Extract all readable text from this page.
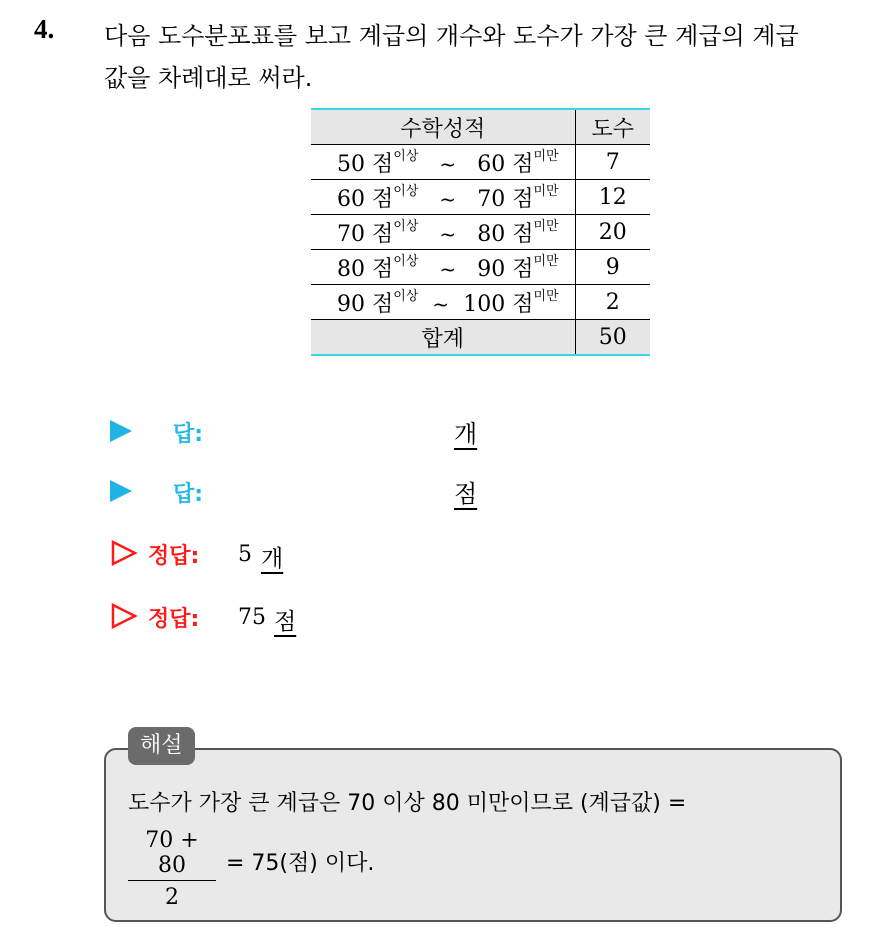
4. 다음 도수분포표를 보고 계급의 개수와 도수가 가장 큰 계급의 계급
값을 차례대로 써라.
수학성적	도수

50 점$^{이상}$ ~ 60 점$^{미만}$	7

60 점$^{이상}$ ~ 70 점$^{미만}$	12

70 점$^{이상}$ ~ 80 점$^{미만}$	20

80 점$^{이상}$ ~ 90 점$^{미만}$	9

90 점$^{이상}$ ~ 100 점$^{미만}$	2
합계	50
답:	개
답:	점
정답: 5 개
정답: 75 점
해설
도수가 가장 큰 계급은 70 이상 80 미만이므로 (계급값) =
$\frac{70 + 80}{2} = 75$(점) 이다.
